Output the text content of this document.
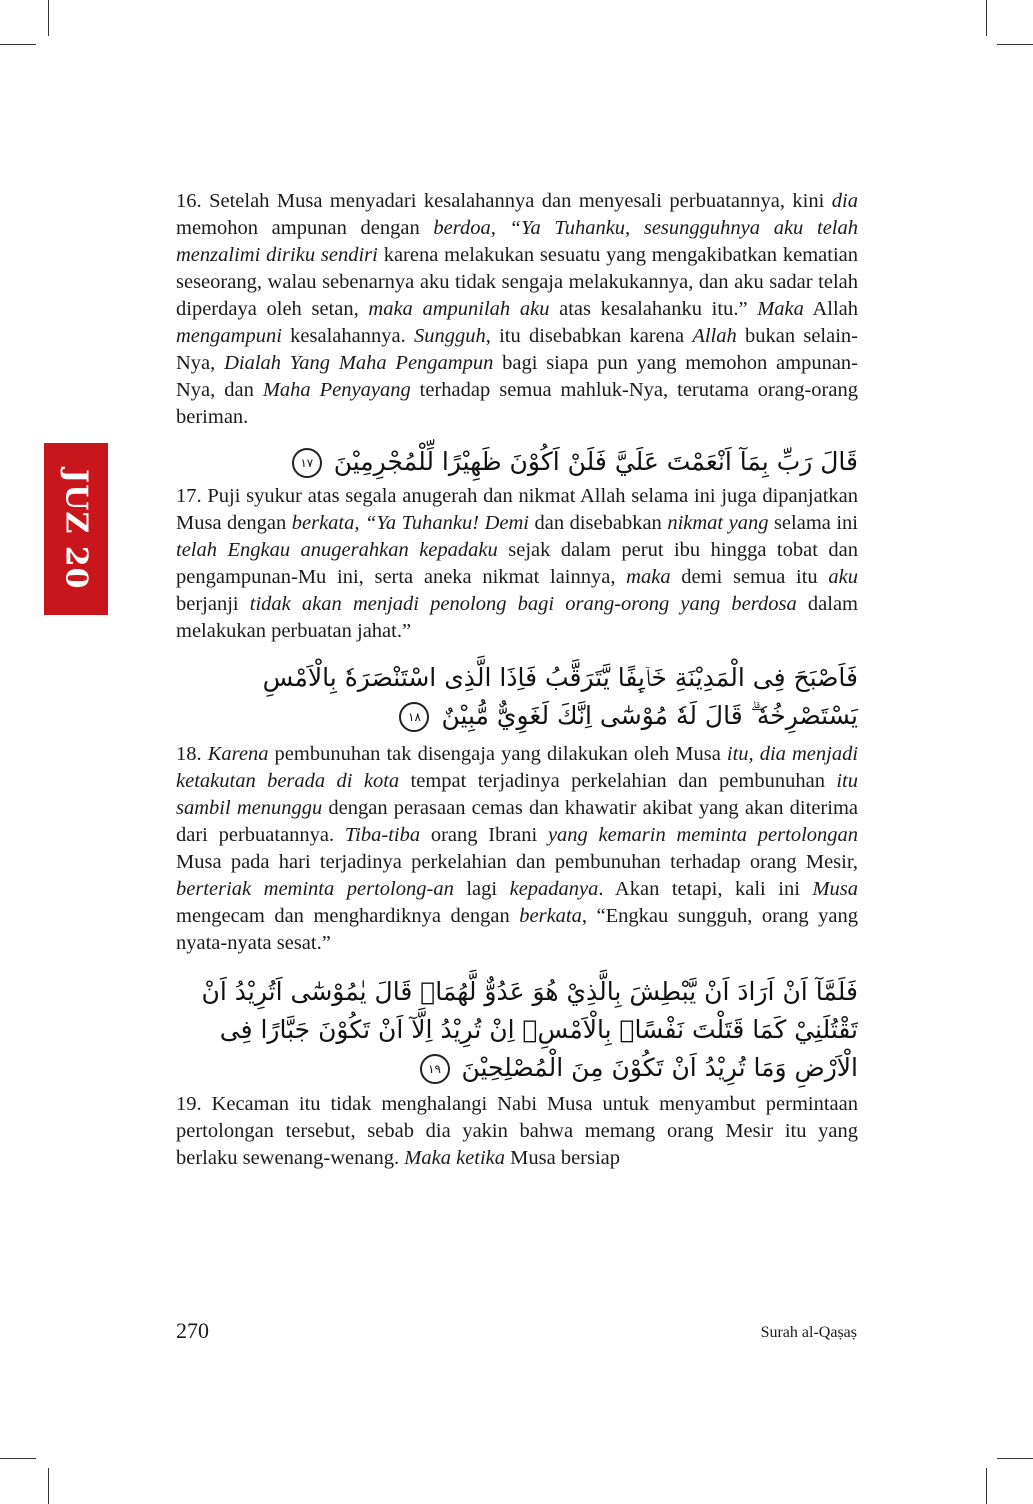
JUZ 20

16. Setelah Musa menyadari kesalahannya dan menyesali perbuatannya, kini dia memohon ampunan dengan berdoa, “Ya Tuhanku, sesungguhnya aku telah menzalimi diriku sendiri karena melakukan sesuatu yang mengakibatkan kematian seseorang, walau sebenarnya aku tidak sengaja melakukannya, dan aku sadar telah diperdaya oleh setan, maka ampunilah aku atas kesalahanku itu.” Maka Allah mengampuni kesalahannya. Sungguh, itu disebabkan karena Allah bukan selain-Nya, Dialah Yang Maha Pengampun bagi siapa pun yang memohon ampunan-Nya, dan Maha Penyayang terhadap semua mahluk-Nya, terutama orang-orang beriman.

قَالَ رَبِّ بِمَآ اَنْعَمْتَ عَلَيَّ فَلَنْ اَكُوْنَ ظَهِيْرًا لِّلْمُجْرِمِيْنَ ١٧

17. Puji syukur atas segala anugerah dan nikmat Allah selama ini juga dipanjatkan Musa dengan berkata, “Ya Tuhanku! Demi dan disebabkan nikmat yang selama ini telah Engkau anugerahkan kepadaku sejak dalam perut ibu hingga tobat dan pengampunan-Mu ini, serta aneka nikmat lainnya, maka demi semua itu aku berjanji tidak akan menjadi penolong bagi orang-orong yang berdosa dalam melakukan perbuatan jahat.”

فَاَصْبَحَ فِى الْمَدِيْنَةِ خَاۤىِٕفًا يَّتَرَقَّبُ فَاِذَا الَّذِى اسْتَنْصَرَهٗ بِالْاَمْسِ يَسْتَصْرِخُهٗ ۗ قَالَ لَهٗ مُوْسٰٓى اِنَّكَ لَغَوِيٌّ مُّبِيْنٌ ١٨

18. Karena pembunuhan tak disengaja yang dilakukan oleh Musa itu, dia menjadi ketakutan berada di kota tempat terjadinya perkelahian dan pembunuhan itu sambil menunggu dengan perasaan cemas dan khawatir akibat yang akan diterima dari perbuatannya. Tiba-tiba orang Ibrani yang kemarin meminta pertolongan Musa pada hari terjadinya perkelahian dan pembunuhan terhadap orang Mesir, berteriak meminta pertolong-an lagi kepadanya. Akan tetapi, kali ini Musa mengecam dan menghardiknya dengan berkata, “Engkau sungguh, orang yang nyata-nyata sesat.”

فَلَمَّآ اَنْ اَرَادَ اَنْ يَّبْطِشَ بِالَّذِيْ هُوَ عَدُوٌّ لَّهُمَاۙ قَالَ يٰمُوْسٰٓى اَتُرِيْدُ اَنْ تَقْتُلَنِيْ كَمَا قَتَلْتَ نَفْسًاۢ بِالْاَمْسِۖ اِنْ تُرِيْدُ اِلَّآ اَنْ تَكُوْنَ جَبَّارًا فِى الْاَرْضِ وَمَا تُرِيْدُ اَنْ تَكُوْنَ مِنَ الْمُصْلِحِيْنَ ١٩

19. Kecaman itu tidak menghalangi Nabi Musa untuk menyambut permintaan pertolongan tersebut, sebab dia yakin bahwa memang orang Mesir itu yang berlaku sewenang-wenang. Maka ketika Musa bersiap

270	Surah al-Qaṣaṣ
